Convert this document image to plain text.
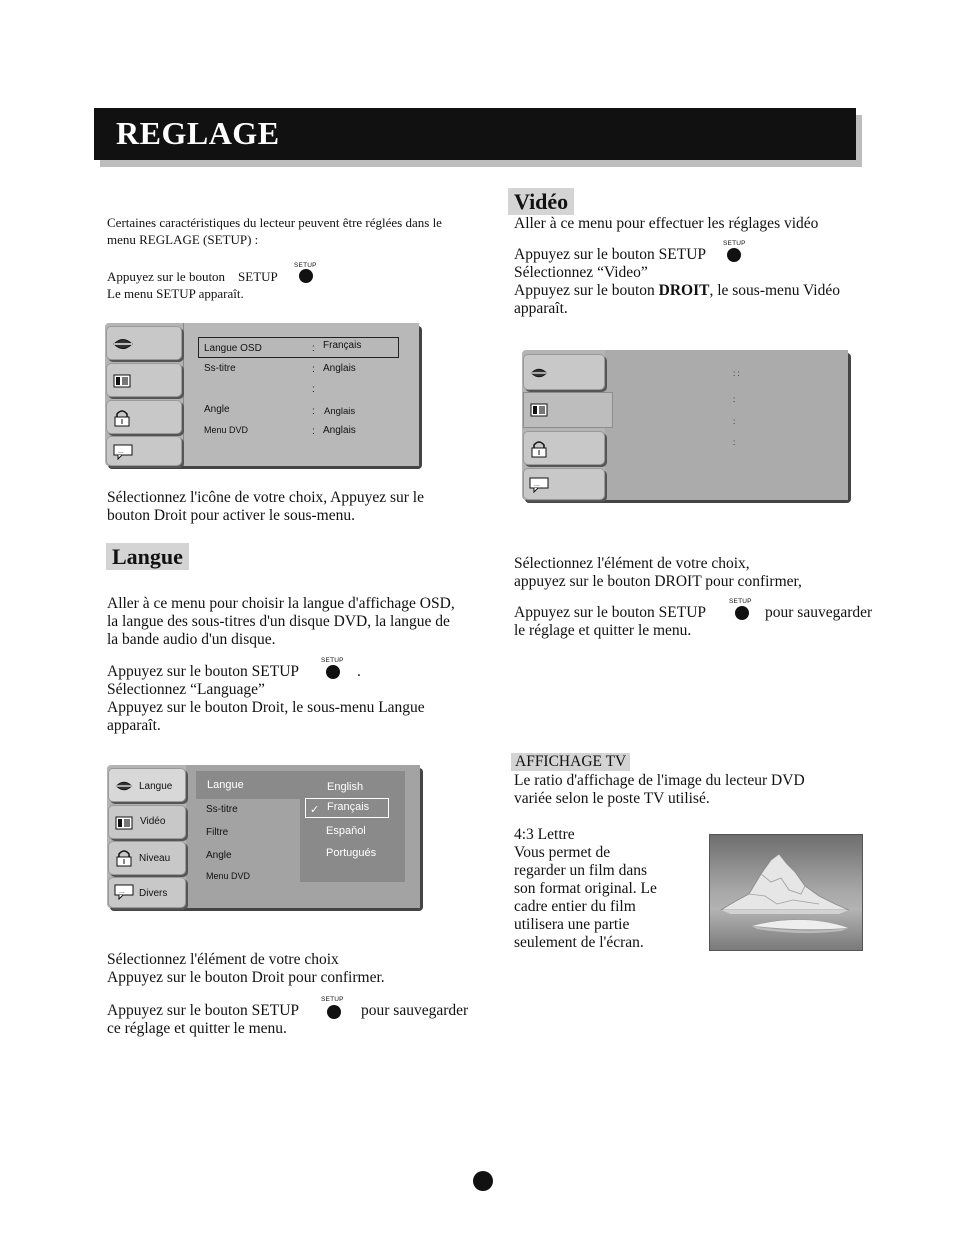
REGLAGE
Certaines caractéristiques du lecteur peuvent être réglées dans le
menu REGLAGE (SETUP) :
Appuyez sur le bouton    SETUP
SETUP
Le menu SETUP apparaît.
...
Langue OSD	: Français
Ss-titre	: Anglais
:
Angle	: Anglais
Menu DVD	: Anglais
Sélectionnez l'icône de votre choix, Appuyez sur le
bouton Droit pour activer le sous-menu.
Langue
Aller à ce menu pour choisir la langue d'affichage OSD,
la langue des sous-titres d'un disque DVD, la langue de
la bande audio d'un disque.
Appuyez sur le bouton SETUP
SETUP
.
Sélectionnez “Language”
Appuyez sur le bouton Droit, le sous-menu Langue
apparaît.
Langue
Vidéo
Niveau
... Divers
Langue
Ss-titre
Filtre
Angle
Menu DVD
English
✓ Français
Espaňol
Portugués
Sélectionnez l'élément de votre choix
Appuyez sur le bouton Droit pour confirmer.
Appuyez sur le bouton SETUP
SETUP
pour sauvegarder
ce réglage et quitter le menu.
Vidéo
Aller à ce menu pour effectuer les réglages vidéo
Appuyez sur le bouton SETUP
SETUP
Sélectionnez “Video”
Appuyez sur le bouton DROIT, le sous-menu Vidéo
apparaît.
...
: :
:
:
:
Sélectionnez l'élément de votre choix,
appuyez sur le bouton DROIT pour confirmer,
Appuyez sur le bouton SETUP
SETUP
pour sauvegarder
le réglage et quitter le menu.
AFFICHAGE TV
Le ratio d'affichage de l'image du lecteur DVD
variée selon le poste TV utilisé.
4:3 Lettre
Vous permet de
regarder un film dans
son format original. Le
cadre entier du film
utilisera une partie
seulement de l'écran.
